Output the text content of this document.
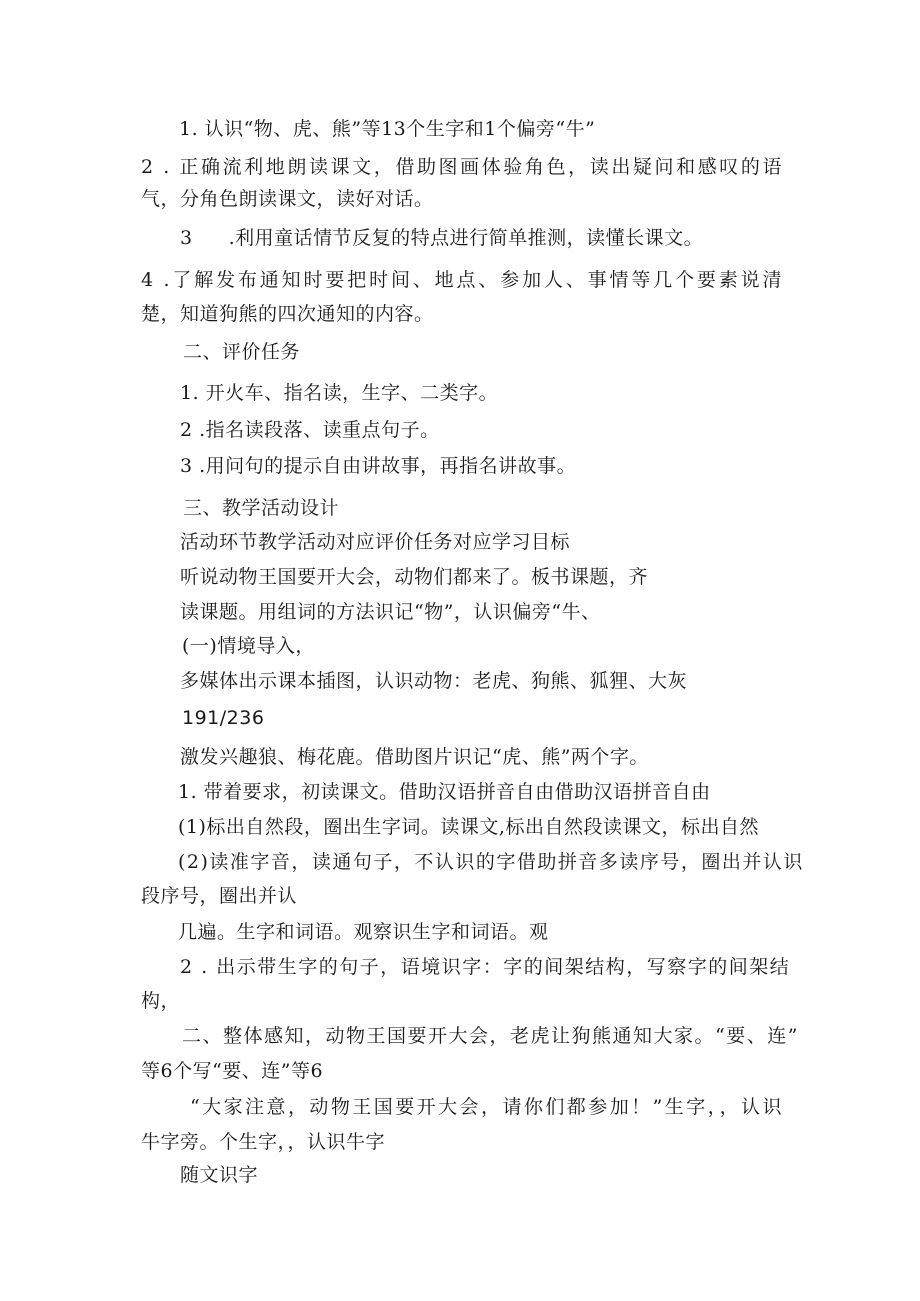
1. 认识“物、虎、熊”等13个生字和1个偏旁“牛”
2 . 正确流利地朗读课文，借助图画体验角色，读出疑问和感叹的语
气，分角色朗读课文，读好对话。
3 .利用童话情节反复的特点进行简单推测，读懂长课文。
4 .了解发布通知时要把时间、地点、参加人、事情等几个要素说清
楚，知道狗熊的四次通知的内容。
二、评价任务
1. 开火车、指名读，生字、二类字。
2 .指名读段落、读重点句子。
3 .用问句的提示自由讲故事，再指名讲故事。
三、教学活动设计
活动环节教学活动对应评价任务对应学习目标
听说动物王国要开大会，动物们都来了。板书课题，齐
读课题。用组词的方法识记“物”，认识偏旁“牛、
(一)情境导入，
多媒体出示课本插图，认识动物：老虎、狗熊、狐狸、大灰
191/236
激发兴趣狼、梅花鹿。借助图片识记“虎、熊”两个字。
1. 带着要求，初读课文。借助汉语拼音自由借助汉语拼音自由
(1)标出自然段，圈出生字词。读课文,标出自然段读课文，标出自然
(2)读准字音，读通句子，不认识的字借助拼音多读序号，圈出并认识
段序号，圈出并认
几遍。生字和词语。观察识生字和词语。观
2 . 出示带生字的句子，语境识字：字的间架结构，写察字的间架结
构，
二、整体感知，动物王国要开大会，老虎让狗熊通知大家。“要、连”
等6个写“要、连”等6
“大家注意，动物王国要开大会，请你们都参加！”生字，，认识
牛字旁。个生字，，认识牛字
随文识字
